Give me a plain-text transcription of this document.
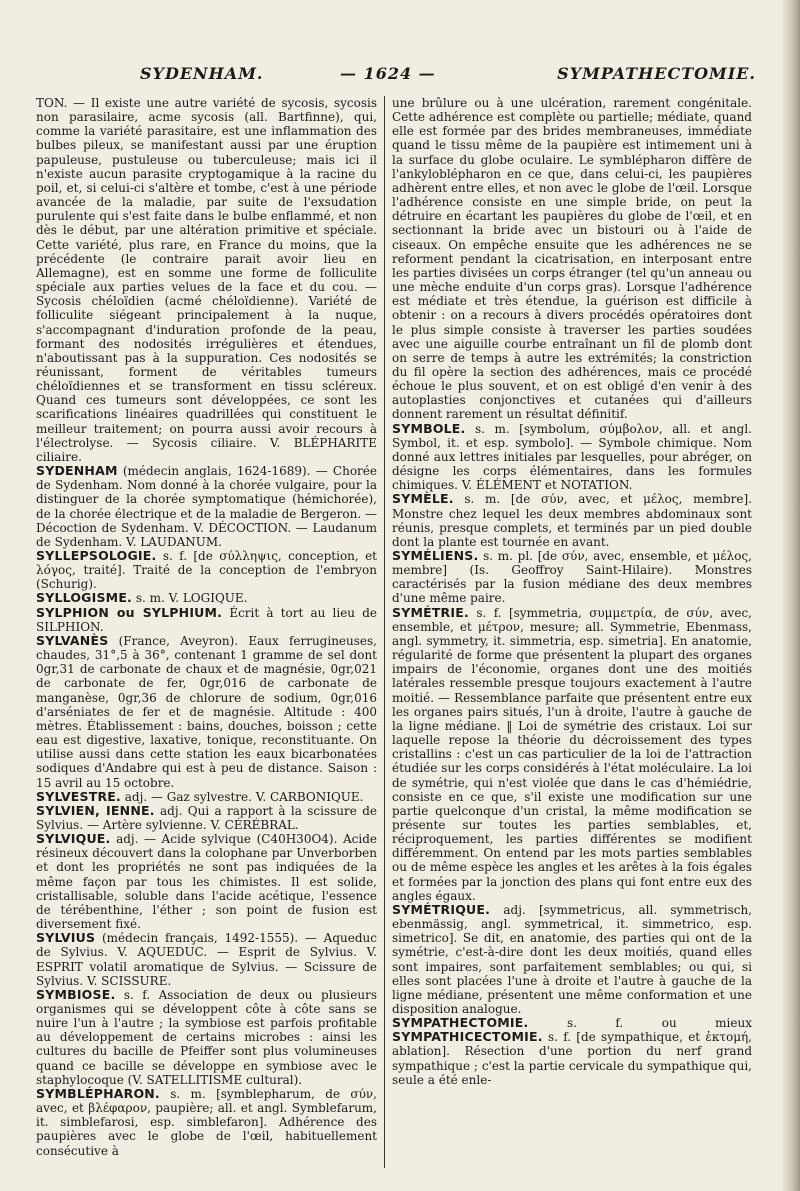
SYDENHAM.	— 1624 —	SYMPATHECTOMIE.

TON. — Il existe une autre variété de sycosis, sycosis non parasilaire, acme sycosis (all. Bartfinne), qui, comme la variété parasitaire, est une inflammation des bulbes pileux, se manifestant aussi par une éruption papuleuse, pustuleuse ou tuberculeuse; mais ici il n'existe aucun parasite cryptogamique à la racine du poil, et, si celui-ci s'altère et tombe, c'est à une période avancée de la maladie, par suite de l'exsudation purulente qui s'est faite dans le bulbe enflammé, et non dès le début, par une altération primitive et spéciale. Cette variété, plus rare, en France du moins, que la précédente (le contraire parait avoir lieu en Allemagne), est en somme une forme de folliculite spéciale aux parties velues de la face et du cou. — Sycosis chéloïdien (acmé chéloïdienne). Variété de folliculite siégeant principalement à la nuque, s'accompagnant d'induration profonde de la peau, formant des nodosités irrégulières et étendues, n'aboutissant pas à la suppuration. Ces nodosités se réunissant, forment de véritables tumeurs chéloïdiennes et se transforment en tissu scléreux. Quand ces tumeurs sont développées, ce sont les scarifications linéaires quadrillées qui constituent le meilleur traitement; on pourra aussi avoir recours à l'électrolyse. — Sycosis ciliaire. V. BLÉPHARITE ciliaire.

SYDENHAM (médecin anglais, 1624-1689). — Chorée de Sydenham. Nom donné à la chorée vulgaire, pour la distinguer de la chorée symptomatique (hémichorée), de la chorée électrique et de la maladie de Bergeron. — Décoction de Sydenham. V. DÉCOCTION. — Laudanum de Sydenham. V. LAUDANUM.

SYLLEPSOLOGIE. s. f. [de σύλληψις, conception, et λόγος, traité]. Traité de la conception de l'embryon (Schurig).

SYLLOGISME. s. m. V. LOGIQUE.

SYLPHION ou SYLPHIUM. Écrit à tort au lieu de SILPHION.

SYLVANÈS (France, Aveyron). Eaux ferrugineuses, chaudes, 31°,5 à 36°, contenant 1 gramme de sel dont 0gr,31 de carbonate de chaux et de magnésie, 0gr,021 de carbonate de fer, 0gr,016 de carbonate de manganèse, 0gr,36 de chlorure de sodium, 0gr,016 d'arséniates de fer et de magnésie. Altitude : 400 mètres. Établissement : bains, douches, boisson ; cette eau est digestive, laxative, tonique, reconstituante. On utilise aussi dans cette station les eaux bicarbonatées sodiques d'Andabre qui est à peu de distance. Saison : 15 avril au 15 octobre.

SYLVESTRE. adj. — Gaz sylvestre. V. CARBONIQUE.

SYLVIEN, IENNE. adj. Qui a rapport à la scissure de Sylvius. — Artère sylvienne. V. CÉRÉBRAL.

SYLVIQUE. adj. — Acide sylvique (C40H30O4). Acide résineux découvert dans la colophane par Unverborben et dont les propriétés ne sont pas indiquées de la même façon par tous les chimistes. Il est solide, cristallisable, soluble dans l'acide acétique, l'essence de térébenthine, l'éther ; son point de fusion est diversement fixé.

SYLVIUS (médecin français, 1492-1555). — Aqueduc de Sylvius. V. AQUEDUC. — Esprit de Sylvius. V. ESPRIT volatil aromatique de Sylvius. — Scissure de Sylvius. V. SCISSURE.

SYMBIOSE. s. f. Association de deux ou plusieurs organismes qui se développent côte à côte sans se nuire l'un à l'autre ; la symbiose est parfois profitable au développement de certains microbes : ainsi les cultures du bacille de Pfeiffer sont plus volumineuses quand ce bacille se développe en symbiose avec le staphylocoque (V. SATELLITISME cultural).

SYMBLÉPHARON. s. m. [symblepharum, de σύν, avec, et βλέφαρον, paupière; all. et angl. Symblefarum, it. simblefarosi, esp. simblefaron]. Adhérence des paupières avec le globe de l'œil, habituellement consécutive à

une brûlure ou à une ulcération, rarement congénitale. Cette adhérence est complète ou partielle; médiate, quand elle est formée par des brides membraneuses, immédiate quand le tissu même de la paupière est intimement uni à la surface du globe oculaire. Le symblépharon diffère de l'ankyloblépharon en ce que, dans celui-ci, les paupières adhèrent entre elles, et non avec le globe de l'œil. Lorsque l'adhérence consiste en une simple bride, on peut la détruire en écartant les paupières du globe de l'œil, et en sectionnant la bride avec un bistouri ou à l'aide de ciseaux. On empêche ensuite que les adhérences ne se reforment pendant la cicatrisation, en interposant entre les parties divisées un corps étranger (tel qu'un anneau ou une mèche enduite d'un corps gras). Lorsque l'adhérence est médiate et très étendue, la guérison est difficile à obtenir : on a recours à divers procédés opératoires dont le plus simple consiste à traverser les parties soudées avec une aiguille courbe entraînant un fil de plomb dont on serre de temps à autre les extrémités; la constriction du fil opère la section des adhérences, mais ce procédé échoue le plus souvent, et on est obligé d'en venir à des autoplasties conjonctives et cutanées qui d'ailleurs donnent rarement un résultat définitif.

SYMBOLE. s. m. [symbolum, σύμβολον, all. et angl. Symbol, it. et esp. symbolo]. — Symbole chimique. Nom donné aux lettres initiales par lesquelles, pour abréger, on désigne les corps élémentaires, dans les formules chimiques. V. ÉLÉMENT et NOTATION.

SYMÈLE. s. m. [de σύν, avec, et μέλος, membre]. Monstre chez lequel les deux membres abdominaux sont réunis, presque complets, et terminés par un pied double dont la plante est tournée en avant.

SYMÉLIENS. s. m. pl. [de σύν, avec, ensemble, et μέλος, membre] (Is. Geoffroy Saint-Hilaire). Monstres caractérisés par la fusion médiane des deux membres d'une même paire.

SYMÉTRIE. s. f. [symmetria, συμμετρία, de σύν, avec, ensemble, et μέτρον, mesure; all. Symmetrie, Ebenmass, angl. symmetry, it. simmetria, esp. simetria]. En anatomie, régularité de forme que présentent la plupart des organes impairs de l'économie, organes dont une des moitiés latérales ressemble presque toujours exactement à l'autre moitié. — Ressemblance parfaite que présentent entre eux les organes pairs situés, l'un à droite, l'autre à gauche de la ligne médiane. ‖ Loi de symétrie des cristaux. Loi sur laquelle repose la théorie du décroissement des types cristallins : c'est un cas particulier de la loi de l'attraction étudiée sur les corps considérés à l'état moléculaire. La loi de symétrie, qui n'est violée que dans le cas d'hémiédrie, consiste en ce que, s'il existe une modification sur une partie quelconque d'un cristal, la même modification se présente sur toutes les parties semblables, et, réciproquement, les parties différentes se modifient différemment. On entend par les mots parties semblables ou de même espèce les angles et les arêtes à la fois égales et formées par la jonction des plans qui font entre eux des angles égaux.

SYMÉTRIQUE. adj. [symmetricus, all. symmetrisch, ebenmässig, angl. symmetrical, it. simmetrico, esp. simetrico]. Se dit, en anatomie, des parties qui ont de la symétrie, c'est-à-dire dont les deux moitiés, quand elles sont impaires, sont parfaitement semblables; ou qui, si elles sont placées l'une à droite et l'autre à gauche de la ligne médiane, présentent une même conformation et une disposition analogue.

SYMPATHECTOMIE.	s. f. ou mieux SYMPATHICECTOMIE. s. f. [de sympathique, et ἐκτομή, ablation]. Résection d'une portion du nerf grand sympathique ; c'est la partie cervicale du sympathique qui, seule a été enle-
